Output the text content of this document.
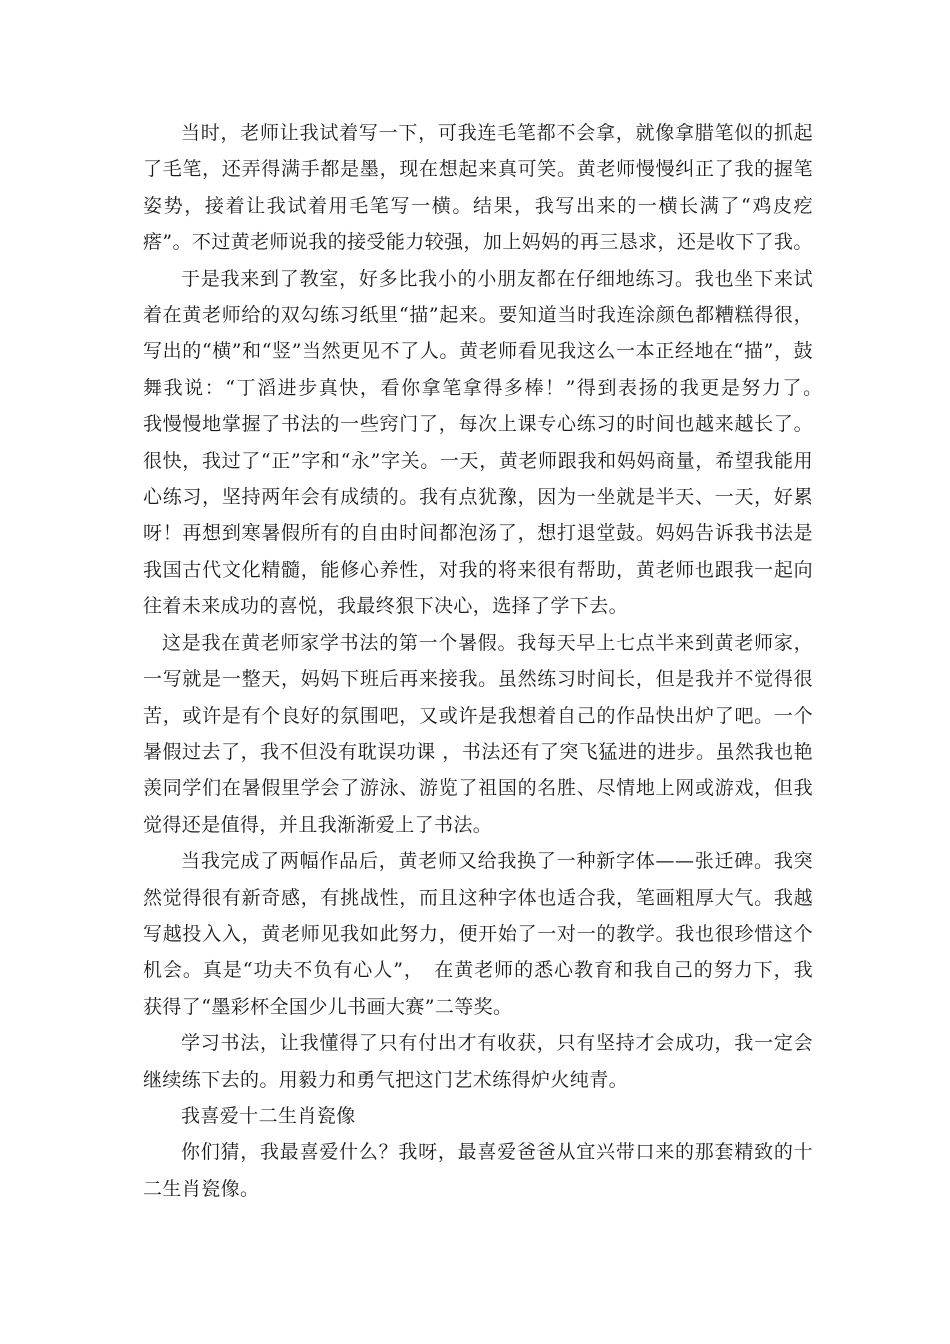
当时，老师让我试着写一下，可我连毛笔都不会拿，就像拿腊笔似的抓起了毛笔，还弄得满手都是墨，现在想起来真可笑。黄老师慢慢纠正了我的握笔姿势，接着让我试着用毛笔写一横。结果，我写出来的一横长满了“鸡皮疙瘩”。不过黄老师说我的接受能力较强，加上妈妈的再三恳求，还是收下了我。

于是我来到了教室，好多比我小的小朋友都在仔细地练习。我也坐下来试着在黄老师给的双勾练习纸里“描”起来。要知道当时我连涂颜色都糟糕得很，写出的“横”和“竖”当然更见不了人。黄老师看见我这么一本正经地在“描”，鼓舞我说：“丁滔进步真快，看你拿笔拿得多棒！”得到表扬的我更是努力了。　我慢慢地掌握了书法的一些窍门了，每次上课专心练习的时间也越来越长了。很快，我过了“正”字和“永”字关。一天，黄老师跟我和妈妈商量，希望我能用心练习，坚持两年会有成绩的。我有点犹豫，因为一坐就是半天、一天，好累呀！再想到寒暑假所有的自由时间都泡汤了，想打退堂鼓。妈妈告诉我书法是我国古代文化精髓，能修心养性，对我的将来很有帮助，黄老师也跟我一起向往着未来成功的喜悦，我最终狠下决心，选择了学下去。

这是我在黄老师家学书法的第一个暑假。我每天早上七点半来到黄老师家，一写就是一整天，妈妈下班后再来接我。虽然练习时间长，但是我并不觉得很苦，或许是有个良好的氛围吧，又或许是我想着自己的作品快出炉了吧。一个暑假过去了，我不但没有耽误功课 ，书法还有了突飞猛进的进步。虽然我也艳羡同学们在暑假里学会了游泳、游览了祖国的名胜、尽情地上网或游戏，但我觉得还是值得，并且我渐渐爱上了书法。

当我完成了两幅作品后，黄老师又给我换了一种新字体——张迁碑。我突然觉得很有新奇感，有挑战性，而且这种字体也适合我，笔画粗厚大气。我越写越投入入，黄老师见我如此努力，便开始了一对一的教学。我也很珍惜这个机会。真是“功夫不负有心人”，　在黄老师的悉心教育和我自己的努力下，我获得了“墨彩杯全国少儿书画大赛”二等奖。

学习书法，让我懂得了只有付出才有收获，只有坚持才会成功，我一定会继续练下去的。用毅力和勇气把这门艺术练得炉火纯青。

我喜爱十二生肖瓷像

你们猜，我最喜爱什么？我呀，最喜爱爸爸从宜兴带口来的那套精致的十二生肖瓷像。
